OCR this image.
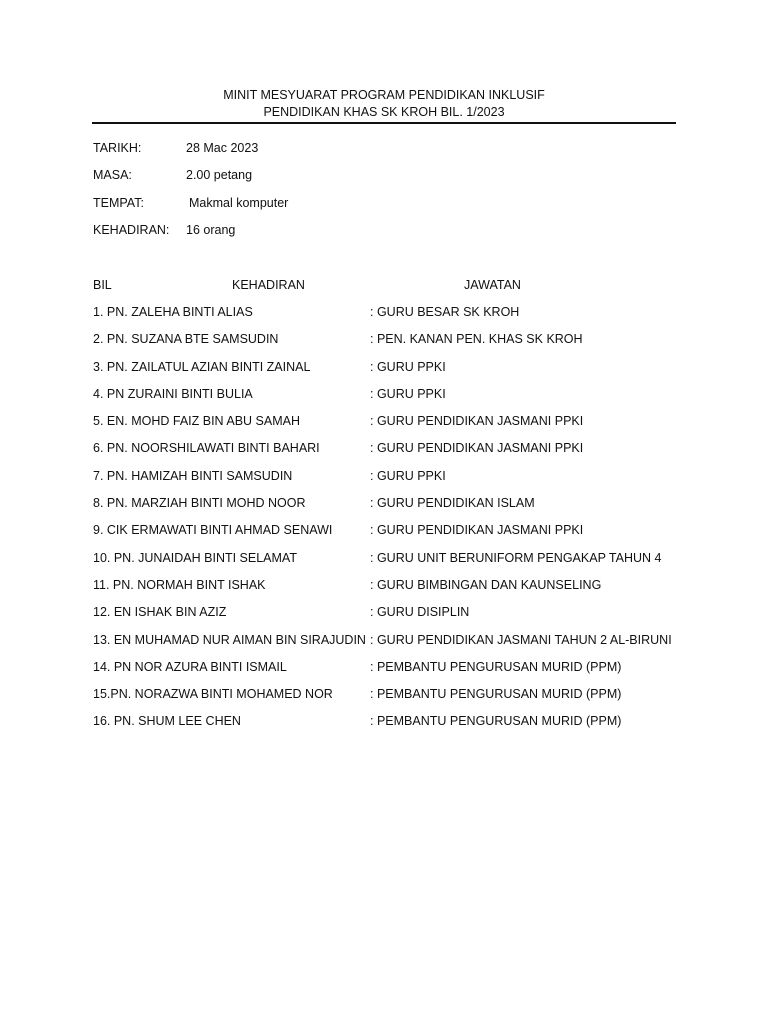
MINIT MESYUARAT PROGRAM PENDIDIKAN INKLUSIF
PENDIDIKAN KHAS SK KROH BIL. 1/2023
TARIKH:	28 Mac 2023
MASA:	2.00 petang
TEMPAT:	Makmal komputer
KEHADIRAN: 16 orang
BIL	KEHADIRAN	JAWATAN
1. PN. ZALEHA BINTI ALIAS	: GURU BESAR SK KROH
2. PN. SUZANA BTE SAMSUDIN	: PEN. KANAN PEN. KHAS SK KROH
3. PN. ZAILATUL AZIAN BINTI ZAINAL	: GURU PPKI
4. PN ZURAINI BINTI BULIA	: GURU PPKI
5. EN. MOHD FAIZ BIN ABU SAMAH	: GURU PENDIDIKAN JASMANI PPKI
6. PN. NOORSHILAWATI BINTI BAHARI	: GURU PENDIDIKAN JASMANI PPKI
7. PN. HAMIZAH BINTI SAMSUDIN	: GURU PPKI
8. PN. MARZIAH BINTI MOHD NOOR	: GURU PENDIDIKAN ISLAM
9. CIK ERMAWATI BINTI AHMAD SENAWI	: GURU PENDIDIKAN JASMANI PPKI
10. PN. JUNAIDAH BINTI SELAMAT	: GURU UNIT BERUNIFORM PENGAKAP TAHUN 4
11. PN. NORMAH BINT ISHAK	: GURU BIMBINGAN DAN KAUNSELING
12. EN ISHAK BIN AZIZ	: GURU DISIPLIN
13. EN MUHAMAD NUR AIMAN BIN SIRAJUDIN : GURU PENDIDIKAN JASMANI TAHUN 2 AL-BIRUNI
14. PN NOR AZURA BINTI ISMAIL	: PEMBANTU PENGURUSAN MURID (PPM)
15.PN. NORAZWA BINTI MOHAMED NOR	: PEMBANTU PENGURUSAN MURID (PPM)
16. PN. SHUM LEE CHEN	: PEMBANTU PENGURUSAN MURID (PPM)
